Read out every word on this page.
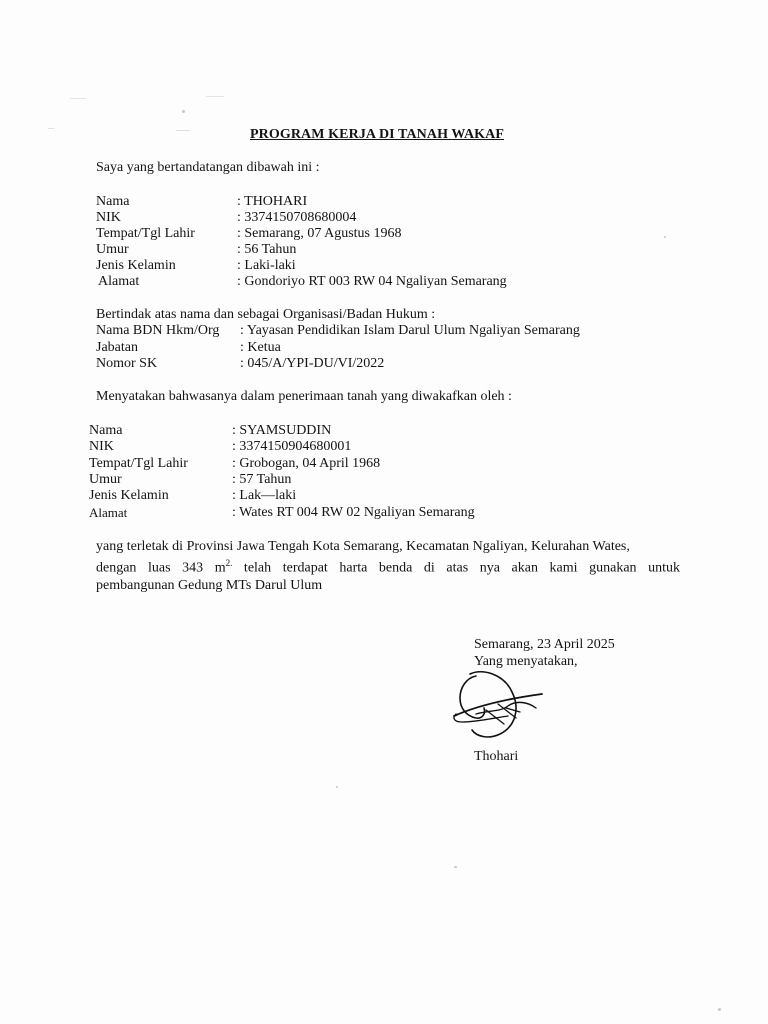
PROGRAM KERJA DI TANAH WAKAF
Saya yang bertandatangan dibawah ini :
Nama	: THOHARI
NIK	: 3374150708680004
Tempat/Tgl Lahir	: Semarang, 07 Agustus 1968
Umur	: 56 Tahun
Jenis Kelamin	: Laki-laki
Alamat	: Gondoriyo RT 003 RW 04 Ngaliyan Semarang
Bertindak atas nama dan sebagai Organisasi/Badan Hukum :
Nama BDN Hkm/Org : Yayasan Pendidikan Islam Darul Ulum Ngaliyan Semarang
Jabatan	: Ketua
Nomor SK	: 045/A/YPI-DU/VI/2022
Menyatakan bahwasanya dalam penerimaan tanah yang diwakafkan oleh :
Nama	: SYAMSUDDIN
NIK	: 3374150904680001
Tempat/Tgl Lahir	: Grobogan, 04 April 1968
Umur	: 57 Tahun
Jenis Kelamin	: Lak—laki
Alamat	: Wates RT 004 RW 02 Ngaliyan Semarang
yang terletak di Provinsi Jawa Tengah Kota Semarang, Kecamatan Ngaliyan, Kelurahan Wates,
dengan luas 343 $m^{2.}$ telah terdapat harta benda di atas nya akan kami gunakan untuk
pembangunan Gedung MTs Darul Ulum
Semarang, 23 April 2025
Yang menyatakan,
Thohari
